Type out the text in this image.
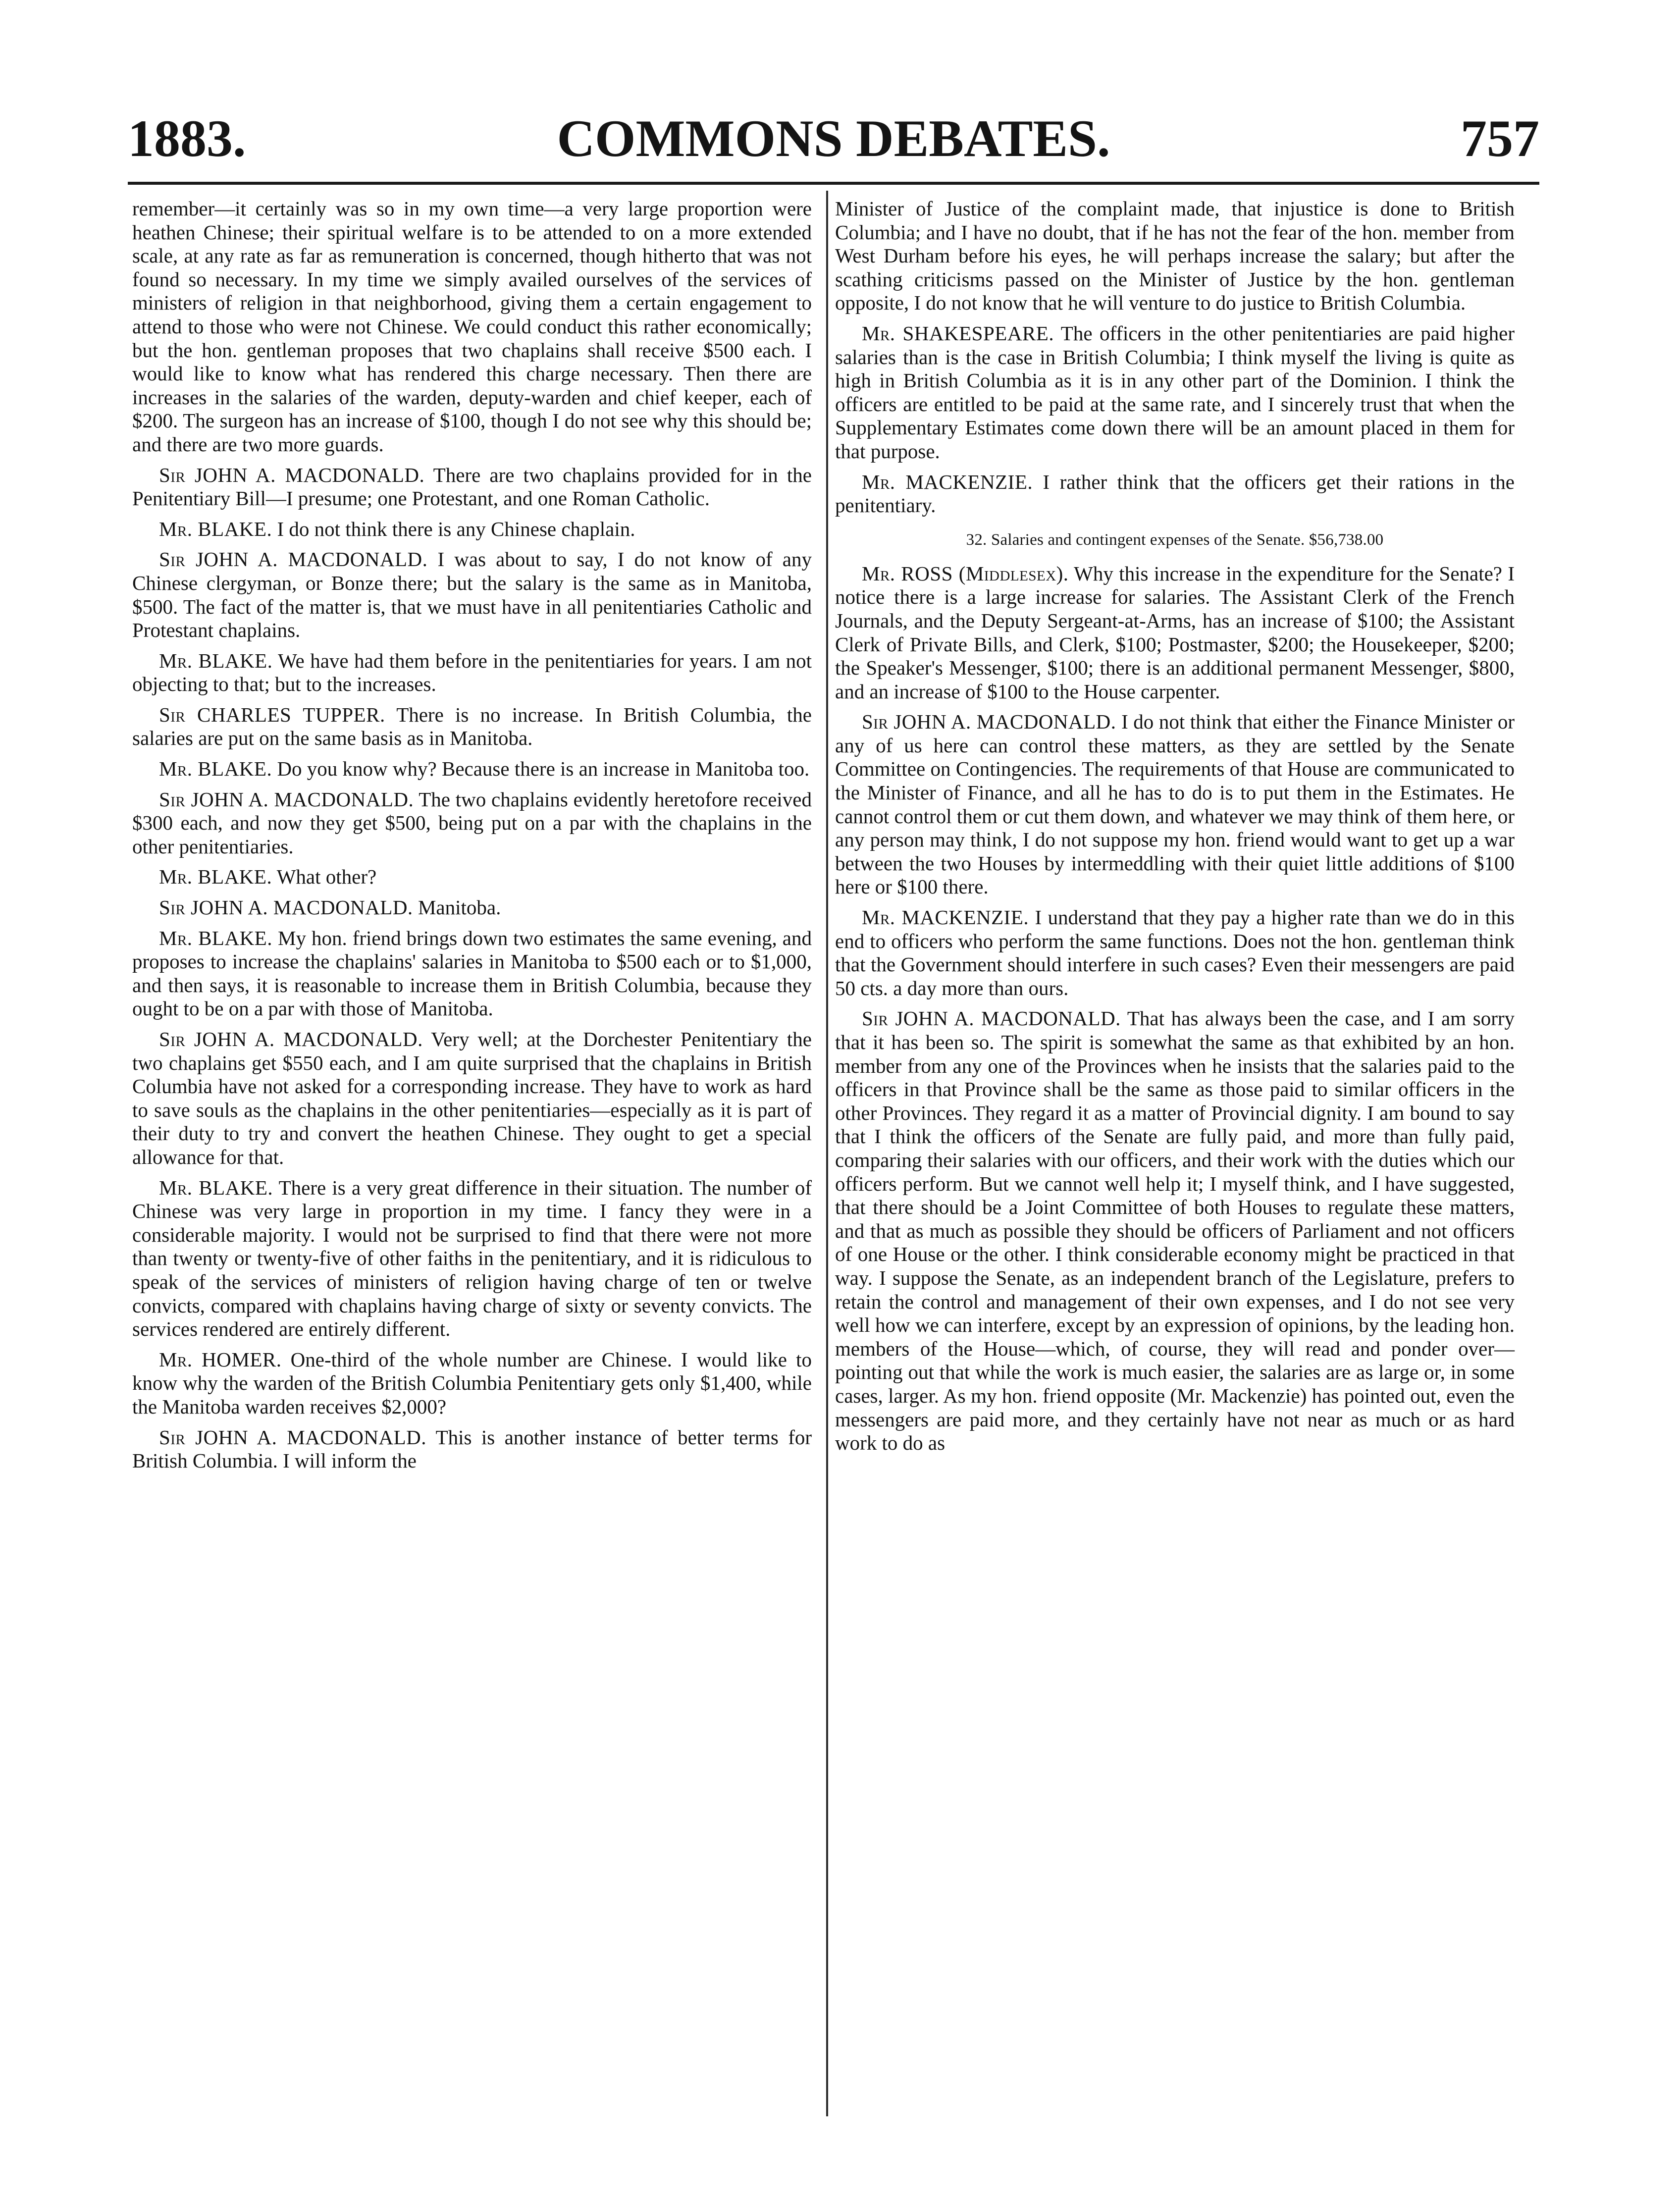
1883.	COMMONS DEBATES.	757

remember—it certainly was so in my own time—a very large proportion were heathen Chinese; their spiritual welfare is to be attended to on a more extended scale, at any rate as far as remuneration is concerned, though hitherto that was not found so necessary. In my time we simply availed ourselves of the services of ministers of religion in that neighborhood, giving them a certain engagement to attend to those who were not Chinese. We could conduct this rather economically; but the hon. gentleman proposes that two chaplains shall receive $500 each. I would like to know what has rendered this charge necessary. Then there are increases in the salaries of the warden, deputy-warden and chief keeper, each of $200. The surgeon has an increase of $100, though I do not see why this should be; and there are two more guards.

Sir JOHN A. MACDONALD. There are two chaplains provided for in the Penitentiary Bill—I presume; one Protestant, and one Roman Catholic.

Mr. BLAKE. I do not think there is any Chinese chaplain.

Sir JOHN A. MACDONALD. I was about to say, I do not know of any Chinese clergyman, or Bonze there; but the salary is the same as in Manitoba, $500. The fact of the matter is, that we must have in all penitentiaries Catholic and Protestant chaplains.

Mr. BLAKE. We have had them before in the penitentiaries for years. I am not objecting to that; but to the increases.

Sir CHARLES TUPPER. There is no increase. In British Columbia, the salaries are put on the same basis as in Manitoba.

Mr. BLAKE. Do you know why? Because there is an increase in Manitoba too.

Sir JOHN A. MACDONALD. The two chaplains evidently heretofore received $300 each, and now they get $500, being put on a par with the chaplains in the other penitentiaries.

Mr. BLAKE. What other?

Sir JOHN A. MACDONALD. Manitoba.

Mr. BLAKE. My hon. friend brings down two estimates the same evening, and proposes to increase the chaplains' salaries in Manitoba to $500 each or to $1,000, and then says, it is reasonable to increase them in British Columbia, because they ought to be on a par with those of Manitoba.

Sir JOHN A. MACDONALD. Very well; at the Dorchester Penitentiary the two chaplains get $550 each, and I am quite surprised that the chaplains in British Columbia have not asked for a corresponding increase. They have to work as hard to save souls as the chaplains in the other penitentiaries—especially as it is part of their duty to try and convert the heathen Chinese. They ought to get a special allowance for that.

Mr. BLAKE. There is a very great difference in their situation. The number of Chinese was very large in proportion in my time. I fancy they were in a considerable majority. I would not be surprised to find that there were not more than twenty or twenty-five of other faiths in the penitentiary, and it is ridiculous to speak of the services of ministers of religion having charge of ten or twelve convicts, compared with chaplains having charge of sixty or seventy convicts. The services rendered are entirely different.

Mr. HOMER. One-third of the whole number are Chinese. I would like to know why the warden of the British Columbia Penitentiary gets only $1,400, while the Manitoba warden receives $2,000?

Sir JOHN A. MACDONALD. This is another instance of better terms for British Columbia. I will inform the

Minister of Justice of the complaint made, that injustice is done to British Columbia; and I have no doubt, that if he has not the fear of the hon. member from West Durham before his eyes, he will perhaps increase the salary; but after the scathing criticisms passed on the Minister of Justice by the hon. gentleman opposite, I do not know that he will venture to do justice to British Columbia.

Mr. SHAKESPEARE. The officers in the other penitentiaries are paid higher salaries than is the case in British Columbia; I think myself the living is quite as high in British Columbia as it is in any other part of the Dominion. I think the officers are entitled to be paid at the same rate, and I sincerely trust that when the Supplementary Estimates come down there will be an amount placed in them for that purpose.

Mr. MACKENZIE. I rather think that the officers get their rations in the penitentiary.

32. Salaries and contingent expenses of the Senate. $56,738.00

Mr. ROSS (Middlesex). Why this increase in the expenditure for the Senate? I notice there is a large increase for salaries. The Assistant Clerk of the French Journals, and the Deputy Sergeant-at-Arms, has an increase of $100; the Assistant Clerk of Private Bills, and Clerk, $100; Postmaster, $200; the Housekeeper, $200; the Speaker's Messenger, $100; there is an additional permanent Messenger, $800, and an increase of $100 to the House carpenter.

Sir JOHN A. MACDONALD. I do not think that either the Finance Minister or any of us here can control these matters, as they are settled by the Senate Committee on Contingencies. The requirements of that House are communicated to the Minister of Finance, and all he has to do is to put them in the Estimates. He cannot control them or cut them down, and whatever we may think of them here, or any person may think, I do not suppose my hon. friend would want to get up a war between the two Houses by intermeddling with their quiet little additions of $100 here or $100 there.

Mr. MACKENZIE. I understand that they pay a higher rate than we do in this end to officers who perform the same functions. Does not the hon. gentleman think that the Government should interfere in such cases? Even their messengers are paid 50 cts. a day more than ours.

Sir JOHN A. MACDONALD. That has always been the case, and I am sorry that it has been so. The spirit is somewhat the same as that exhibited by an hon. member from any one of the Provinces when he insists that the salaries paid to the officers in that Province shall be the same as those paid to similar officers in the other Provinces. They regard it as a matter of Provincial dignity. I am bound to say that I think the officers of the Senate are fully paid, and more than fully paid, comparing their salaries with our officers, and their work with the duties which our officers perform. But we cannot well help it; I myself think, and I have suggested, that there should be a Joint Committee of both Houses to regulate these matters, and that as much as possible they should be officers of Parliament and not officers of one House or the other. I think considerable economy might be practiced in that way. I suppose the Senate, as an independent branch of the Legislature, prefers to retain the control and management of their own expenses, and I do not see very well how we can interfere, except by an expression of opinions, by the leading hon. members of the House—which, of course, they will read and ponder over—pointing out that while the work is much easier, the salaries are as large or, in some cases, larger. As my hon. friend opposite (Mr. Mackenzie) has pointed out, even the messengers are paid more, and they certainly have not near as much or as hard work to do as
